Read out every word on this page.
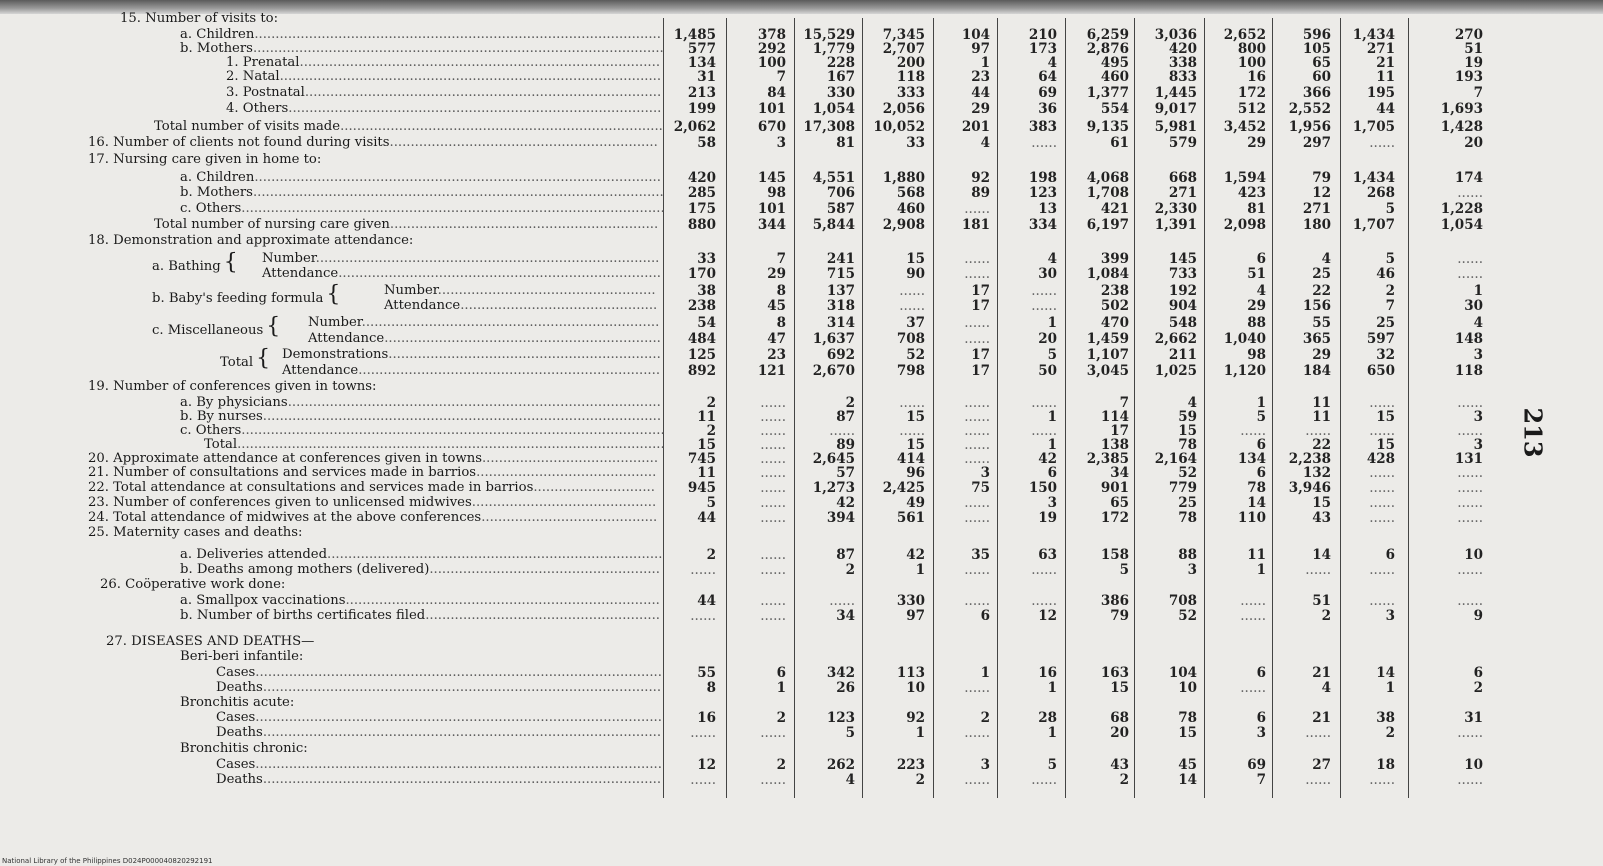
15. Number of visits to:
a. Children................................................................................................. 1,485	378 15,529 7,345	104	210 6,259 3,036 2,652	596 1,434	270
b. Mothers.................................................................................................. 577	292 1,779 2,707	97	173 2,876	420	800	105	271	51
1. Prenatal...................................................................................... 134	100	228	200	1	4	495	338	100	65	21	19
2. Natal...........................................................................................	31	7	167	118	23	64	460	833	16	60	11	193
3. Postnatal..................................................................................... 213	84	330	333	44	69 1,377 1,445	172	366	195	7
4. Others......................................................................................... 199	101 1,054 2,056	29	36	554 9,017	512 2,552	44	1,693
Total number of visits made............................................................................. 2,062	670 17,308 10,052	201	383 9,135 5,981 3,452 1,956 1,705	1,428
16. Number of clients not found during visits................................................................	58	3	81	33	4	......	61	579	29	297	......	20
17. Nursing care given in home to:
a. Children................................................................................................. 420	145 4,551 1,880	92	198 4,068	668 1,594	79 1,434	174
b. Mothers.................................................................................................. 285	98	706	568	89	123 1,708	271	423	12	268	......
c. Others..................................................................................................... 175	101	587	460	......	13	421 2,330	81	271	5	1,228
Total number of nursing care given................................................................ 880	344 5,844 2,908	181	334 6,197 1,391 2,098	180 1,707	1,054
18. Demonstration and approximate attendance:
Number..................................................................................	33	7	241	15	......	4	399	145	6	4	5	......
Attendance............................................................................. 170	29	715	90	......	30 1,084	733	51	25	46	......
Number....................................................	38	8	137	......	17	......	238	192	4	22	2	1
Attendance............................................... 238	45	318	......	17	......	502	904	29	156	7	30
Number.......................................................................	54	8	314	37	......	1	470	548	88	55	25	4
Attendance.................................................................. 484	47 1,637	708	......	20 1,459 2,662 1,040	365	597	148
Demonstrations................................................................. 125	23	692	52	17	5 1,107	211	98	29	32	3
Attendance........................................................................ 892	121 2,670	798	17	50 3,045 1,025 1,120	184	650	118
19. Number of conferences given in towns:
a. By physicians.........................................................................................	2	......	2	......	......	......	7	4	1	11	......	......
b. By nurses...............................................................................................	11	......	87	15	......	1	114	59	5	11	15	3
c. Others.....................................................................................................	2	......	......	......	......	......	17	15	......	......	......	......
Total...................................................................................................... 15	......	89	15	......	1	138	78	6	22	15	3
20. Approximate attendance at conferences given in towns.......................................... 745	...... 2,645	414	......	42 2,385 2,164	134 2,238	428	131
21. Number of consultations and services made in barrios...........................................	11	......	57	96	3	6	34	52	6	132	......	......
22. Total attendance at consultations and services made in barrios............................. 945	...... 1,273 2,425	75	150	901	779	78 3,946	......	......
23. Number of conferences given to unlicensed midwives............................................	5	......	42	49	......	3	65	25	14	15	......	......
24. Total attendance of midwives at the above conferences..........................................	44	......	394	561	......	19	172	78	110	43	......	......
25. Maternity cases and deaths:
a. Deliveries attended................................................................................	2	......	87	42	35	63	158	88	11	14	6	10
b. Deaths among mothers (delivered)....................................................... ......	......	2	1	......	......	5	3	1	......	......	......
26. Coöperative work done:
a. Smallpox vaccinations...........................................................................	44	......	......	330	......	......	386	708	......	51	......	......
b. Number of births certificates filed........................................................ ......	......	34	97	6	12	79	52	......	2	3	9
27. DISEASES AND DEATHS—
Beri-beri infantile:
Cases.................................................................................................	55	6	342	113	1	16	163	104	6	21	14	6
Deaths...............................................................................................	8	1	26	10	......	1	15	10	......	4	1	2
Bronchitis acute:
Cases.................................................................................................	16	2	123	92	2	28	68	78	6	21	38	31
Deaths............................................................................................... ......	......	5	1	......	1	20	15	3	......	2	......
Bronchitis chronic:
Cases.................................................................................................	12	2	262	223	3	5	43	45	69	27	18	10
Deaths............................................................................................... ......	......	4	2	......	......	2	14	7	......	......	......
a. Bathing {
b. Baby's feeding formula {
c. Miscellaneous {
Total {
213
National Library of the Philippines D024P000040820292191
